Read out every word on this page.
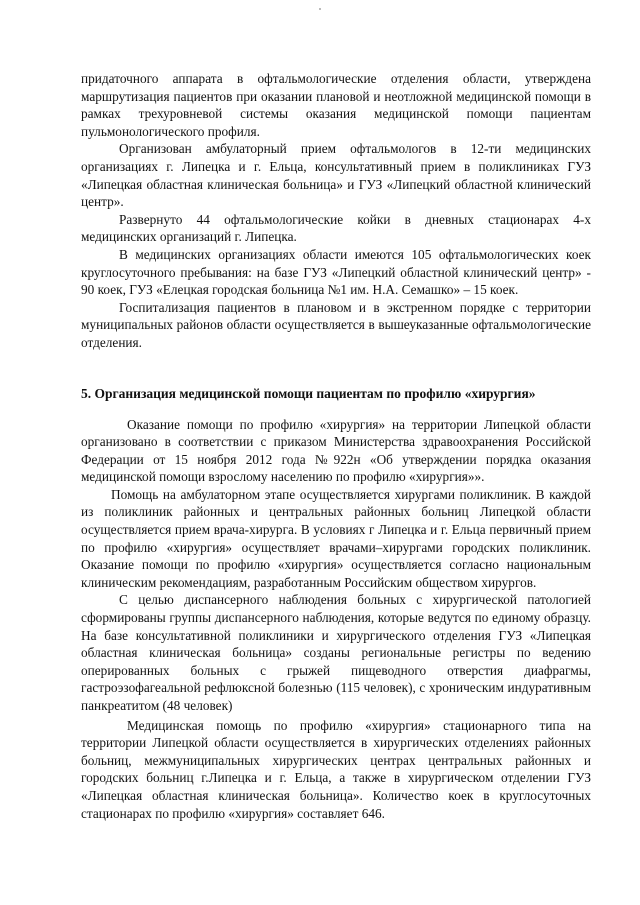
придаточного аппарата в офтальмологические отделения области, утверждена маршрутизация пациентов при оказании плановой и неотложной медицинской помощи в рамках трехуровневой системы оказания медицинской помощи пациентам пульмонологического профиля.

Организован амбулаторный прием офтальмологов в 12-ти медицинских организациях г. Липецка и г. Ельца, консультативный прием в поликлиниках ГУЗ «Липецкая областная клиническая больница» и ГУЗ «Липецкий областной клинический центр».

Развернуто 44 офтальмологические койки в дневных стационарах 4-х медицинских организаций г. Липецка.

В медицинских организациях области имеются 105 офтальмологических коек круглосуточного пребывания: на базе ГУЗ «Липецкий областной клинический центр» - 90 коек, ГУЗ «Елецкая городская больница №1 им. Н.А. Семашко» – 15 коек.

Госпитализация пациентов в плановом и в экстренном порядке с территории муниципальных районов области осуществляется в вышеуказанные офтальмологические отделения.

5. Организация медицинской помощи пациентам по профилю «хирургия»

Оказание помощи по профилю «хирургия» на территории Липецкой области организовано в соответствии с приказом Министерства здравоохранения Российской Федерации от 15 ноября 2012 года №922н «Об утверждении порядка оказания медицинской помощи взрослому населению по профилю «хирургия»».

Помощь на амбулаторном этапе осуществляется хирургами поликлиник. В каждой из поликлиник районных и центральных районных больниц Липецкой области осуществляется прием врача-хирурга. В условиях г Липецка и г. Ельца первичный прием по профилю «хирургия» осуществляет врачами–хирургами городских поликлиник. Оказание помощи по профилю «хирургия» осуществляется согласно национальным клиническим рекомендациям, разработанным Российским обществом хирургов.

С целью диспансерного наблюдения больных с хирургической патологией сформированы группы диспансерного наблюдения, которые ведутся по единому образцу. На базе консультативной поликлиники и хирургического отделения ГУЗ «Липецкая областная клиническая больница» созданы региональные регистры по ведению оперированных больных с грыжей пищеводного отверстия диафрагмы, гастроэзофагеальной рефлюксной болезнью (115 человек), с хроническим индуративным панкреатитом (48 человек)

Медицинская помощь по профилю «хирургия» стационарного типа на территории Липецкой области осуществляется в хирургических отделениях районных больниц, межмуниципальных хирургических центрах центральных районных и городских больниц г.Липецка и г. Ельца, а также в хирургическом отделении ГУЗ «Липецкая областная клиническая больница». Количество коек в круглосуточных стационарах по профилю «хирургия» составляет 646.
